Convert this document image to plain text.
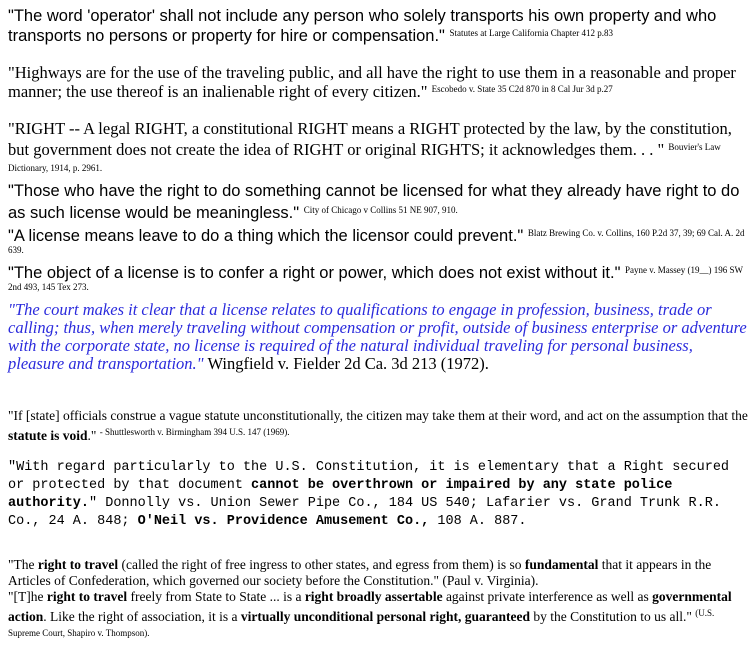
"The word 'operator' shall not include any person who solely transports his own property and who transports no persons or property for hire or compensation." $^{Statutes at Large California Chapter 412 p.83}$

"Highways are for the use of the traveling public, and all have the right to use them in a reasonable and proper manner; the use thereof is an inalienable right of every citizen." $^{Escobedo v. State 35 C2d 870 in 8 Cal Jur 3d p.27}$

"RIGHT -- A legal RIGHT, a constitutional RIGHT means a RIGHT protected by the law, by the constitution, but government does not create the idea of RIGHT or original RIGHTS; it acknowledges them. . . " $^{Bouvier's Law Dictionary, 1914, p. 2961.}$

"Those who have the right to do something cannot be licensed for what they already have right to do as such license would be meaningless." $^{City of Chicago v Collins 51 NE 907, 910.}$

"A license means leave to do a thing which the licensor could prevent." $^{Blatz Brewing Co. v. Collins, 160 P.2d 37, 39; 69 Cal. A. 2d 639.}$

"The object of a license is to confer a right or power, which does not exist without it." $^{Payne v. Massey (19\_\_) 196 SW 2nd 493, 145 Tex 273.}$

"The court makes it clear that a license relates to qualifications to engage in profession, business, trade or calling; thus, when merely traveling without compensation or profit, outside of business enterprise or adventure with the corporate state, no license is required of the natural individual traveling for personal business, pleasure and transportation." Wingfield v. Fielder 2d Ca. 3d 213 (1972).

"If [state] officials construe a vague statute unconstitutionally, the citizen may take them at their word, and act on the assumption that the statute is void." $^{- Shuttlesworth v. Birmingham 394 U.S. 147 (1969).}$

"With regard particularly to the U.S. Constitution, it is elementary that a Right secured or protected by that document cannot be overthrown or impaired by any state police authority." Donnolly vs. Union Sewer Pipe Co., 184 US 540; Lafarier vs. Grand Trunk R.R. Co., 24 A. 848; O'Neil vs. Providence Amusement Co., 108 A. 887.

"The right to travel (called the right of free ingress to other states, and egress from them) is so fundamental that it appears in the Articles of Confederation, which governed our society before the Constitution." (Paul v. Virginia).
"[T]he right to travel freely from State to State ... is a right broadly assertable against private interference as well as governmental action. Like the right of association, it is a virtually unconditional personal right, guaranteed by the Constitution to us all." $^{(U.S. Supreme Court, Shapiro v. Thompson).}$
